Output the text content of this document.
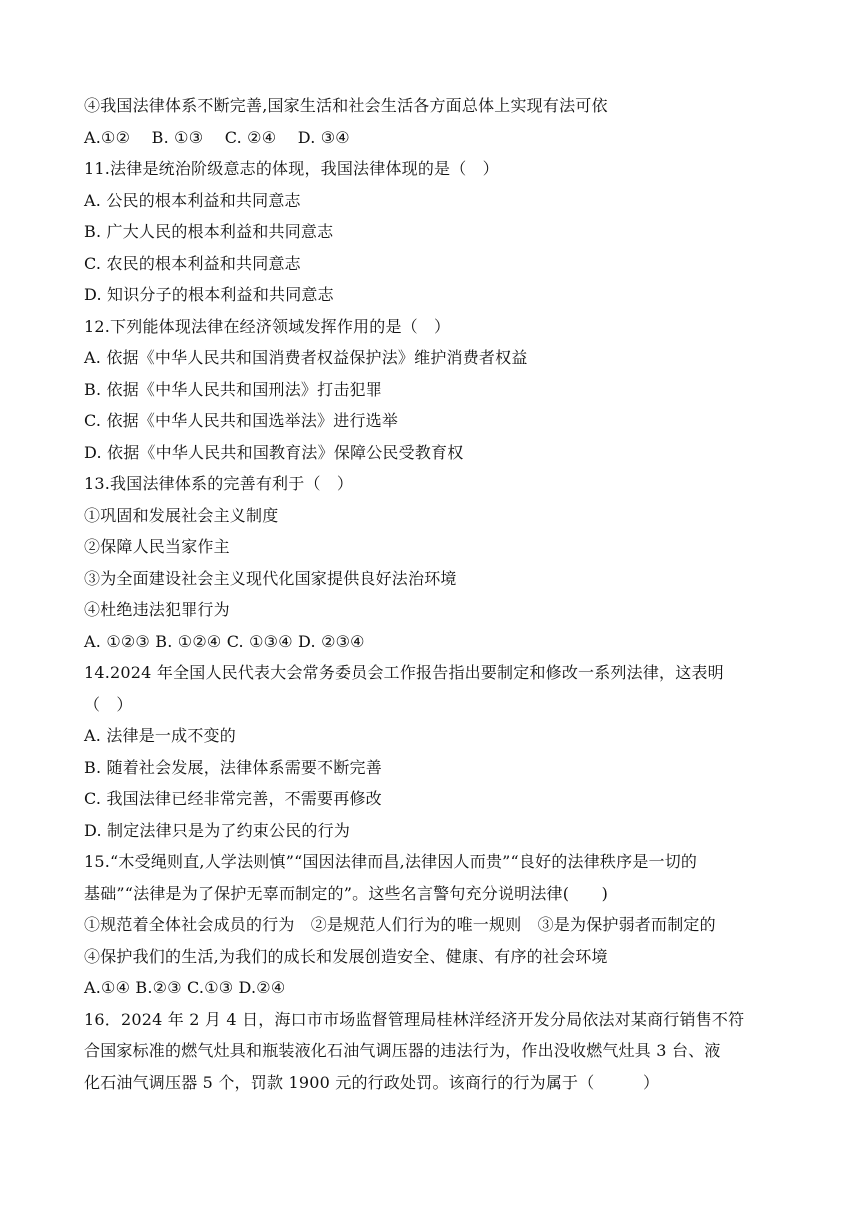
④我国法律体系不断完善,国家生活和社会生活各方面总体上实现有法可依
A.①②　 B. ①③　 C. ②④　 D. ③④
11.法律是统治阶级意志的体现，我国法律体现的是（　）
A. 公民的根本利益和共同意志
B. 广大人民的根本利益和共同意志
C. 农民的根本利益和共同意志
D. 知识分子的根本利益和共同意志
12.下列能体现法律在经济领域发挥作用的是（　）
A. 依据《中华人民共和国消费者权益保护法》维护消费者权益
B. 依据《中华人民共和国刑法》打击犯罪
C. 依据《中华人民共和国选举法》进行选举
D. 依据《中华人民共和国教育法》保障公民受教育权
13.我国法律体系的完善有利于（　）
①巩固和发展社会主义制度
②保障人民当家作主
③为全面建设社会主义现代化国家提供良好法治环境
④杜绝违法犯罪行为
A. ①②③ B. ①②④ C. ①③④ D. ②③④
14.2024 年全国人民代表大会常务委员会工作报告指出要制定和修改一系列法律，这表明
（　）
A. 法律是一成不变的
B. 随着社会发展，法律体系需要不断完善
C. 我国法律已经非常完善，不需要再修改
D. 制定法律只是为了约束公民的行为
15.“木受绳则直,人学法则慎”“国因法律而昌,法律因人而贵”“良好的法律秩序是一切的
基础”“法律是为了保护无辜而制定的”。这些名言警句充分说明法律(　　)
①规范着全体社会成员的行为　②是规范人们行为的唯一规则　③是为保护弱者而制定的
④保护我们的生活,为我们的成长和发展创造安全、健康、有序的社会环境
A.①④ B.②③ C.①③ D.②④
16．2024 年 2 月 4 日，海口市市场监督管理局桂林洋经济开发分局依法对某商行销售不符
合国家标准的燃气灶具和瓶装液化石油气调压器的违法行为，作出没收燃气灶具 3 台、液
化石油气调压器 5 个，罚款 1900 元的行政处罚。该商行的行为属于（　　　）
